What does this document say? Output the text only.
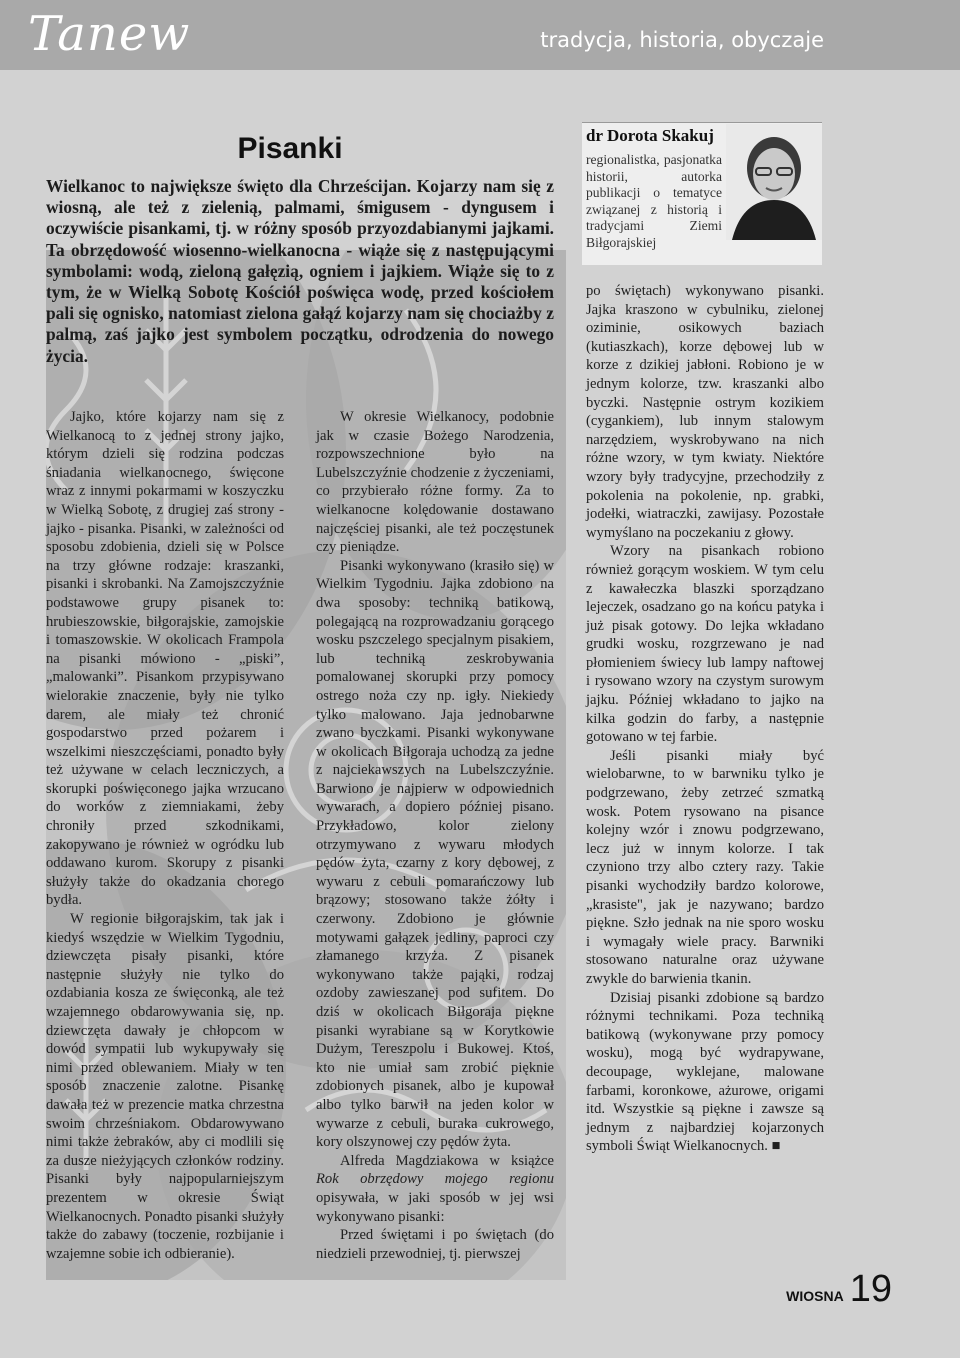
Tanew	tradycja, historia, obyczaje
Pisanki
Wielkanoc to największe święto dla Chrześcijan. Kojarzy nam się z wiosną, ale też z zielenią, palmami, śmigusem - dyngusem i oczywiście pisankami, tj. w różny sposób przyozdabianymi jajkami. Ta obrzędowość wiosenno-wielkanocna - wiąże się z następującymi symbolami: wodą, zieloną gałęzią, ogniem i jajkiem. Wiąże się to z tym, że w Wielką Sobotę Kościół poświęca wodę, przed kościołem pali się ognisko, natomiast zielona gałąź kojarzy nam się chociażby z palmą, zaś jajko jest symbolem początku, odrodzenia do nowego życia.

Jajko, które kojarzy nam się z Wielkanocą to z jednej strony jajko, którym dzieli się rodzina podczas śniadania wielkanocnego, święcone wraz z innymi pokarmami w koszyczku w Wielką Sobotę, z drugiej zaś strony - jajko - pisanka. Pisanki, w zależności od sposobu zdobienia, dzieli się w Polsce na trzy główne rodzaje: kraszanki, pisanki i skrobanki. Na Zamojszczyźnie podstawowe grupy pisanek to: hrubieszowskie, biłgorajskie, zamojskie i tomaszowskie. W okolicach Frampola na pisanki mówiono - „piski”, „malowanki”. Pisankom przypisywano wielorakie znaczenie, były nie tylko darem, ale miały też chronić gospodarstwo przed pożarem i wszelkimi nieszczęściami, ponadto były też używane w celach leczniczych, a skorupki poświęconego jajka wrzucano do worków z ziemniakami, żeby chroniły przed szkodnikami, zakopywano je również w ogródku lub oddawano kurom. Skorupy z pisanki służyły także do okadzania chorego bydła.

W regionie biłgorajskim, tak jak i kiedyś wszędzie w Wielkim Tygodniu, dziewczęta pisały pisanki, które następnie służyły nie tylko do ozdabiania kosza ze święconką, ale też wzajemnego obdarowywania się, np. dziewczęta dawały je chłopcom w dowód sympatii lub wykupywały się nimi przed oblewaniem. Miały w ten sposób znaczenie zalotne. Pisankę dawała też w prezencie matka chrzestna swoim chrześniakom. Obdarowywano nimi także żebraków, aby ci modlili się za dusze nieżyjących członków rodziny. Pisanki były najpopularniejszym prezentem w okresie Świąt Wielkanocnych. Ponadto pisanki służyły także do zabawy (toczenie, rozbijanie i wzajemne sobie ich odbieranie).

W okresie Wielkanocy, podobnie jak w czasie Bożego Narodzenia, rozpowszechnione było na Lubelszczyźnie chodzenie z życzeniami, co przybierało różne formy. Za to wielkanocne kolędowanie dostawano najczęściej pisanki, ale też poczęstunek czy pieniądze.

Pisanki wykonywano (krasiło się) w Wielkim Tygodniu. Jajka zdobiono na dwa sposoby: techniką batikową, polegającą na rozprowadzaniu gorącego wosku pszczelego specjalnym pisakiem, lub techniką zeskrobywania pomalowanej skorupki przy pomocy ostrego noża czy np. igły. Niekiedy tylko malowano. Jaja jednobarwne zwano byczkami. Pisanki wykonywane w okolicach Biłgoraja uchodzą za jedne z najciekawszych na Lubelszczyźnie. Barwiono je najpierw w odpowiednich wywarach, a dopiero później pisano. Przykładowo, kolor zielony otrzymywano z wywaru młodych pędów żyta, czarny z kory dębowej, z wywaru z cebuli pomarańczowy lub brązowy; stosowano także żółty i czerwony. Zdobiono je głównie motywami gałązek jedliny, paproci czy złamanego krzyża. Z pisanek wykonywano także pająki, rodzaj ozdoby zawieszanej pod sufitem. Do dziś w okolicach Biłgoraja piękne pisanki wyrabiane są w Korytkowie Dużym, Tereszpolu i Bukowej. Ktoś, kto nie umiał sam zrobić pięknie zdobionych pisanek, albo je kupował albo tylko barwił na jeden kolor w wywarze z cebuli, buraka cukrowego, kory olszynowej czy pędów żyta.

Alfreda Magdziakowa w książce Rok obrzędowy mojego regionu opisywała, w jaki sposób w jej wsi wykonywano pisanki:

Przed świętami i po świętach (do niedzieli przewodniej, tj. pierwszej

dr Dorota Skakuj
regionalistka, pasjonatka historii, autorka publikacji o tematyce związanej z historią i tradycjami Ziemi Biłgorajskiej

po świętach) wykonywano pisanki. Jajka kraszono w cybulniku, zielonej oziminie, osikowych baziach (kutiaszkach), korze dębowej lub w korze z dzikiej jabłoni. Robiono je w jednym kolorze, tzw. kraszanki albo byczki. Następnie ostrym kozikiem (cygankiem), lub innym stalowym narzędziem, wyskrobywano na nich różne wzory, w tym kwiaty. Niektóre wzory były tradycyjne, przechodziły z pokolenia na pokolenie, np. grabki, jodełki, wiatraczki, zawijasy. Pozostałe wymyślano na poczekaniu z głowy.

Wzory na pisankach robiono również gorącym woskiem. W tym celu z kawałeczka blaszki sporządzano lejeczek, osadzano go na końcu patyka i już pisak gotowy. Do lejka wkładano grudki wosku, rozgrzewano je nad płomieniem świecy lub lampy naftowej i rysowano wzory na czystym surowym jajku. Później wkładano to jajko na kilka godzin do farby, a następnie gotowano w tej farbie.

Jeśli pisanki miały być wielobarwne, to w barwniku tylko je podgrzewano, żeby zetrzeć szmatką wosk. Potem rysowano na pisance kolejny wzór i znowu podgrzewano, lecz już w innym kolorze. I tak czyniono trzy albo cztery razy. Takie pisanki wychodziły bardzo kolorowe, „krasiste", jak je nazywano; bardzo piękne. Szło jednak na nie sporo wosku i wymagały wiele pracy. Barwniki stosowano naturalne oraz używane zwykle do barwienia tkanin.

Dzisiaj pisanki zdobione są bardzo różnymi technikami. Poza techniką batikową (wykonywane przy pomocy wosku), mogą być wydrapywane, decoupage, wyklejane, malowane farbami, koronkowe, ażurowe, origami itd. Wszystkie są piękne i zawsze są jednym z najbardziej kojarzonych symboli Świąt Wielkanocnych. ■

WIOSNA 19
